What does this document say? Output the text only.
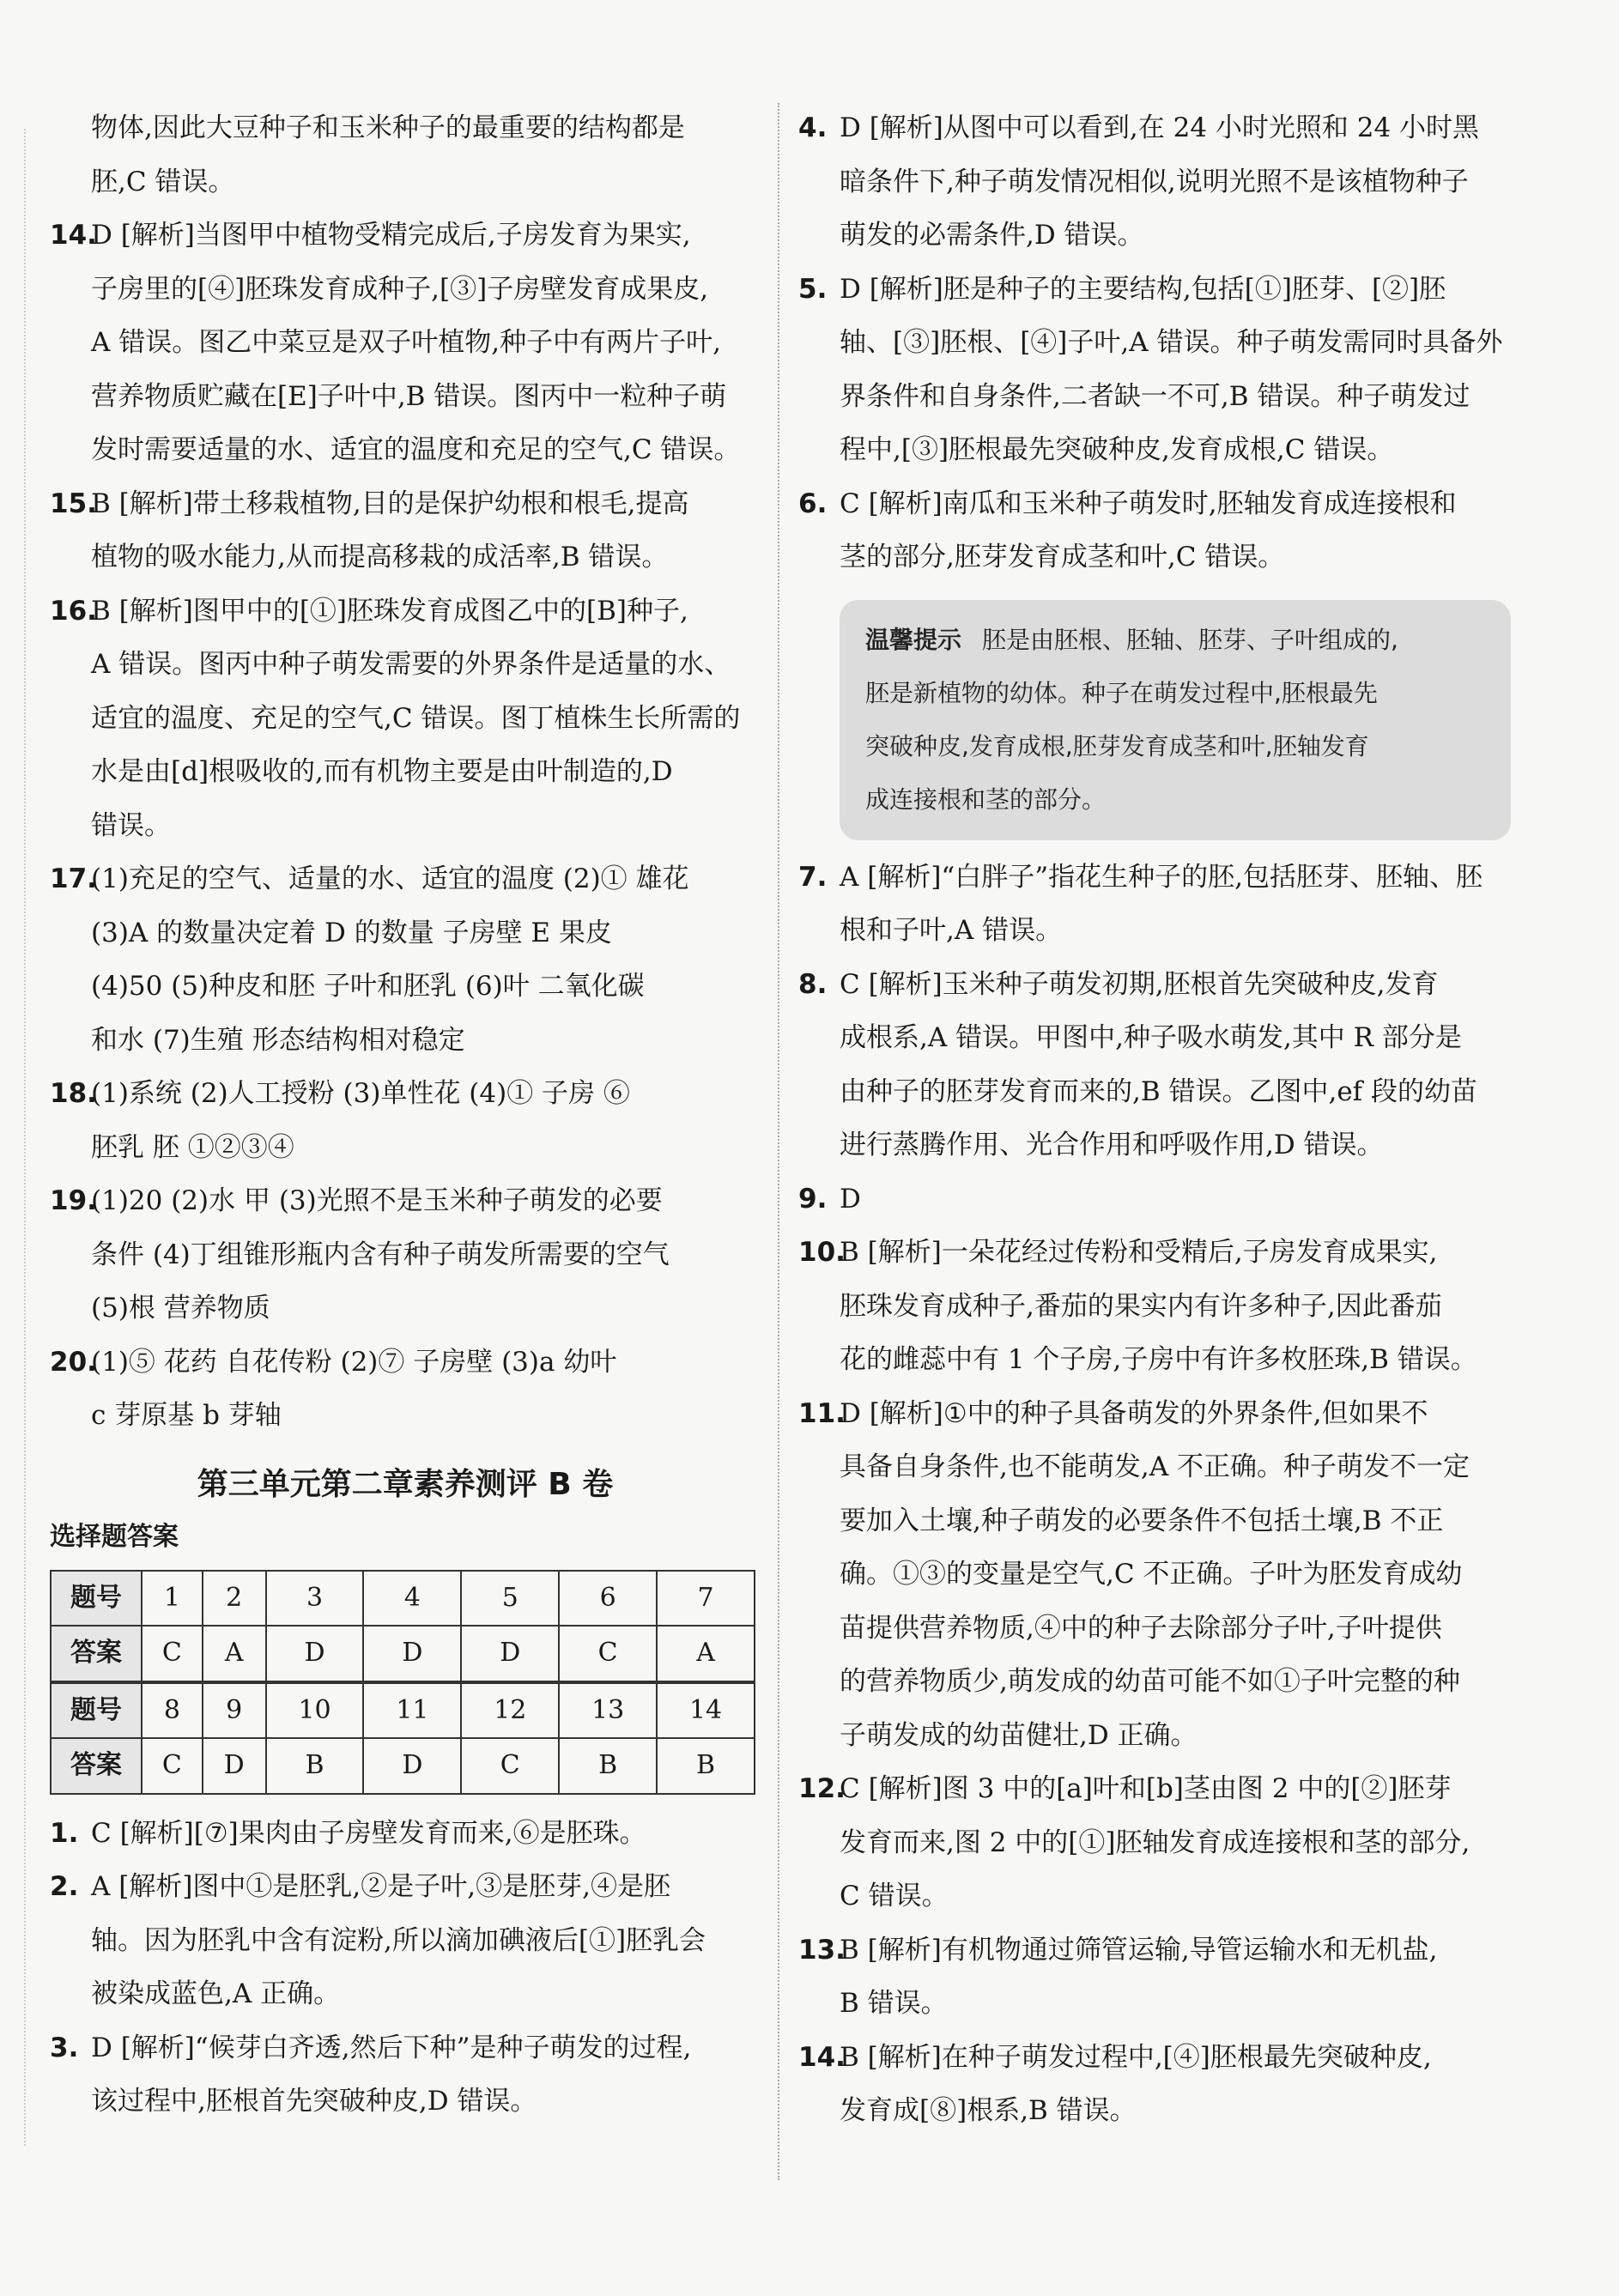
物体,因此大豆种子和玉米种子的最重要的结构都是
胚,C 错误。
14.
D [解析]当图甲中植物受精完成后,子房发育为果实,
子房里的[④]胚珠发育成种子,[③]子房壁发育成果皮,
A 错误。图乙中菜豆是双子叶植物,种子中有两片子叶,
营养物质贮藏在[E]子叶中,B 错误。图丙中一粒种子萌
发时需要适量的水、适宜的温度和充足的空气,C 错误。
15.
B [解析]带土移栽植物,目的是保护幼根和根毛,提高
植物的吸水能力,从而提高移栽的成活率,B 错误。
16.
B [解析]图甲中的[①]胚珠发育成图乙中的[B]种子,
A 错误。图丙中种子萌发需要的外界条件是适量的水、
适宜的温度、充足的空气,C 错误。图丁植株生长所需的
水是由[d]根吸收的,而有机物主要是由叶制造的,D
错误。
17.
(1)充足的空气、适量的水、适宜的温度 (2)① 雄花
(3)A 的数量决定着 D 的数量 子房壁 E 果皮
(4)50 (5)种皮和胚 子叶和胚乳 (6)叶 二氧化碳
和水 (7)生殖 形态结构相对稳定
18.
(1)系统 (2)人工授粉 (3)单性花 (4)① 子房 ⑥
胚乳 胚 ①②③④
19.
(1)20 (2)水 甲 (3)光照不是玉米种子萌发的必要
条件 (4)丁组锥形瓶内含有种子萌发所需要的空气
(5)根 营养物质
20.
(1)⑤ 花药 自花传粉 (2)⑦ 子房壁 (3)a 幼叶
c 芽原基 b 芽轴
第三单元第二章素养测评 B 卷
选择题答案
题号	1	2	3	4	5	6	7
答案	C	A	D	D	D	C	A
题号	8	9	10	11	12	13	14
答案	C	D	B	D	C	B	B
1. C [解析][⑦]果肉由子房壁发育而来,⑥是胚珠。
2. A [解析]图中①是胚乳,②是子叶,③是胚芽,④是胚
轴。因为胚乳中含有淀粉,所以滴加碘液后[①]胚乳会
被染成蓝色,A 正确。
3. D [解析]“候芽白齐透,然后下种”是种子萌发的过程,
该过程中,胚根首先突破种皮,D 错误。
4. D [解析]从图中可以看到,在 24 小时光照和 24 小时黑
暗条件下,种子萌发情况相似,说明光照不是该植物种子
萌发的必需条件,D 错误。
5. D [解析]胚是种子的主要结构,包括[①]胚芽、[②]胚
轴、[③]胚根、[④]子叶,A 错误。种子萌发需同时具备外
界条件和自身条件,二者缺一不可,B 错误。种子萌发过
程中,[③]胚根最先突破种皮,发育成根,C 错误。
6. C [解析]南瓜和玉米种子萌发时,胚轴发育成连接根和
茎的部分,胚芽发育成茎和叶,C 错误。
温馨提示 胚是由胚根、胚轴、胚芽、子叶组成的,
胚是新植物的幼体。种子在萌发过程中,胚根最先
突破种皮,发育成根,胚芽发育成茎和叶,胚轴发育
成连接根和茎的部分。
7. A [解析]“白胖子”指花生种子的胚,包括胚芽、胚轴、胚
根和子叶,A 错误。
8. C [解析]玉米种子萌发初期,胚根首先突破种皮,发育
成根系,A 错误。甲图中,种子吸水萌发,其中 R 部分是
由种子的胚芽发育而来的,B 错误。乙图中,ef 段的幼苗
进行蒸腾作用、光合作用和呼吸作用,D 错误。
9. D
10.
B [解析]一朵花经过传粉和受精后,子房发育成果实,
胚珠发育成种子,番茄的果实内有许多种子,因此番茄
花的雌蕊中有 1 个子房,子房中有许多枚胚珠,B 错误。
11.
D [解析]①中的种子具备萌发的外界条件,但如果不
具备自身条件,也不能萌发,A 不正确。种子萌发不一定
要加入土壤,种子萌发的必要条件不包括土壤,B 不正
确。①③的变量是空气,C 不正确。子叶为胚发育成幼
苗提供营养物质,④中的种子去除部分子叶,子叶提供
的营养物质少,萌发成的幼苗可能不如①子叶完整的种
子萌发成的幼苗健壮,D 正确。
12.
C [解析]图 3 中的[a]叶和[b]茎由图 2 中的[②]胚芽
发育而来,图 2 中的[①]胚轴发育成连接根和茎的部分,
C 错误。
13.
B [解析]有机物通过筛管运输,导管运输水和无机盐,
B 错误。
14.
B [解析]在种子萌发过程中,[④]胚根最先突破种皮,
发育成[⑧]根系,B 错误。
